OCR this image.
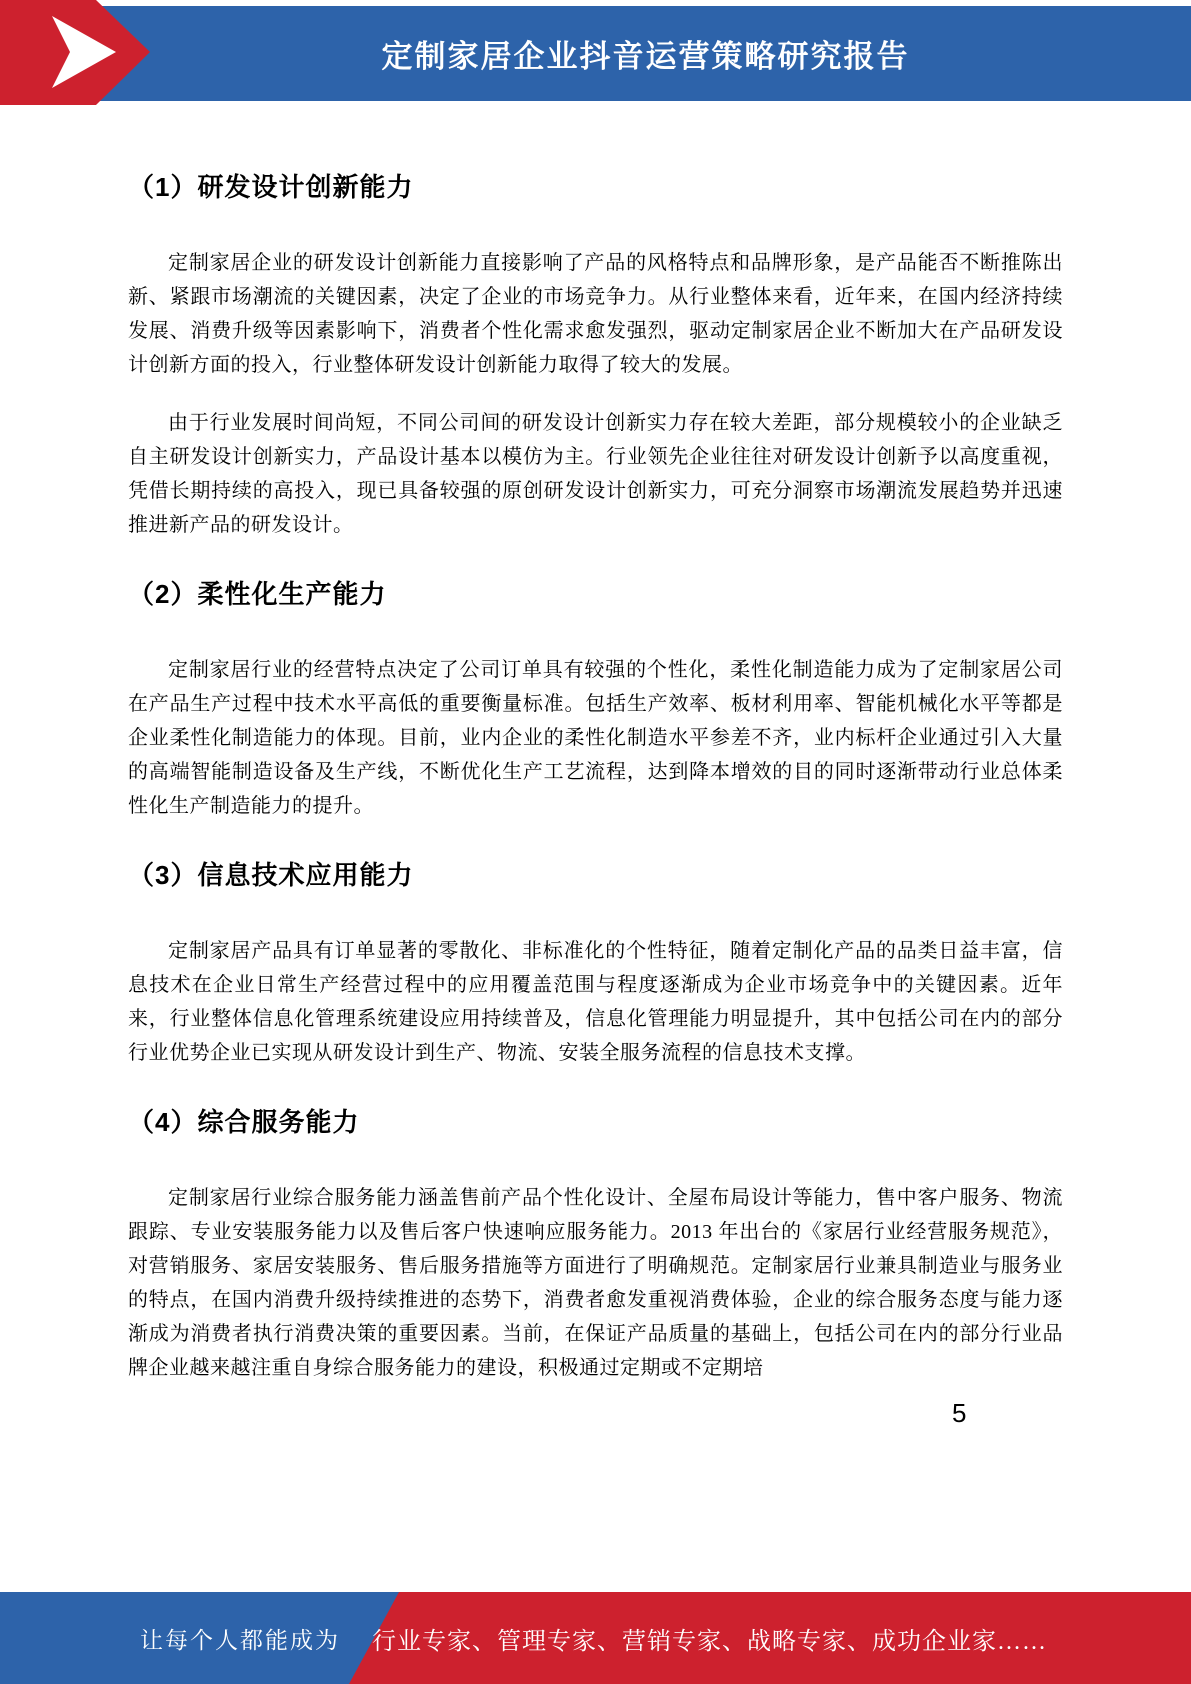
定制家居企业抖音运营策略研究报告
（1）研发设计创新能力

定制家居企业的研发设计创新能力直接影响了产品的风格特点和品牌形象，是产品能否不断推陈出新、紧跟市场潮流的关键因素，决定了企业的市场竞争力。从行业整体来看，近年来，在国内经济持续发展、消费升级等因素影响下，消费者个性化需求愈发强烈，驱动定制家居企业不断加大在产品研发设计创新方面的投入，行业整体研发设计创新能力取得了较大的发展。

由于行业发展时间尚短，不同公司间的研发设计创新实力存在较大差距，部分规模较小的企业缺乏自主研发设计创新实力，产品设计基本以模仿为主。行业领先企业往往对研发设计创新予以高度重视，凭借长期持续的高投入，现已具备较强的原创研发设计创新实力，可充分洞察市场潮流发展趋势并迅速推进新产品的研发设计。

（2）柔性化生产能力

定制家居行业的经营特点决定了公司订单具有较强的个性化，柔性化制造能力成为了定制家居公司在产品生产过程中技术水平高低的重要衡量标准。包括生产效率、板材利用率、智能机械化水平等都是企业柔性化制造能力的体现。目前，业内企业的柔性化制造水平参差不齐，业内标杆企业通过引入大量的高端智能制造设备及生产线，不断优化生产工艺流程，达到降本增效的目的同时逐渐带动行业总体柔性化生产制造能力的提升。

（3）信息技术应用能力

定制家居产品具有订单显著的零散化、非标准化的个性特征，随着定制化产品的品类日益丰富，信息技术在企业日常生产经营过程中的应用覆盖范围与程度逐渐成为企业市场竞争中的关键因素。近年来，行业整体信息化管理系统建设应用持续普及，信息化管理能力明显提升，其中包括公司在内的部分行业优势企业已实现从研发设计到生产、物流、安装全服务流程的信息技术支撑。

（4）综合服务能力

定制家居行业综合服务能力涵盖售前产品个性化设计、全屋布局设计等能力，售中客户服务、物流跟踪、专业安装服务能力以及售后客户快速响应服务能力。2013 年出台的《家居行业经营服务规范》，对营销服务、家居安装服务、售后服务措施等方面进行了明确规范。定制家居行业兼具制造业与服务业的特点，在国内消费升级持续推进的态势下，消费者愈发重视消费体验，企业的综合服务态度与能力逐渐成为消费者执行消费决策的重要因素。当前，在保证产品质量的基础上，包括公司在内的部分行业品牌企业越来越注重自身综合服务能力的建设，积极通过定期或不定期培

5
让每个人都能成为 行业专家、管理专家、营销专家、战略专家、成功企业家……
